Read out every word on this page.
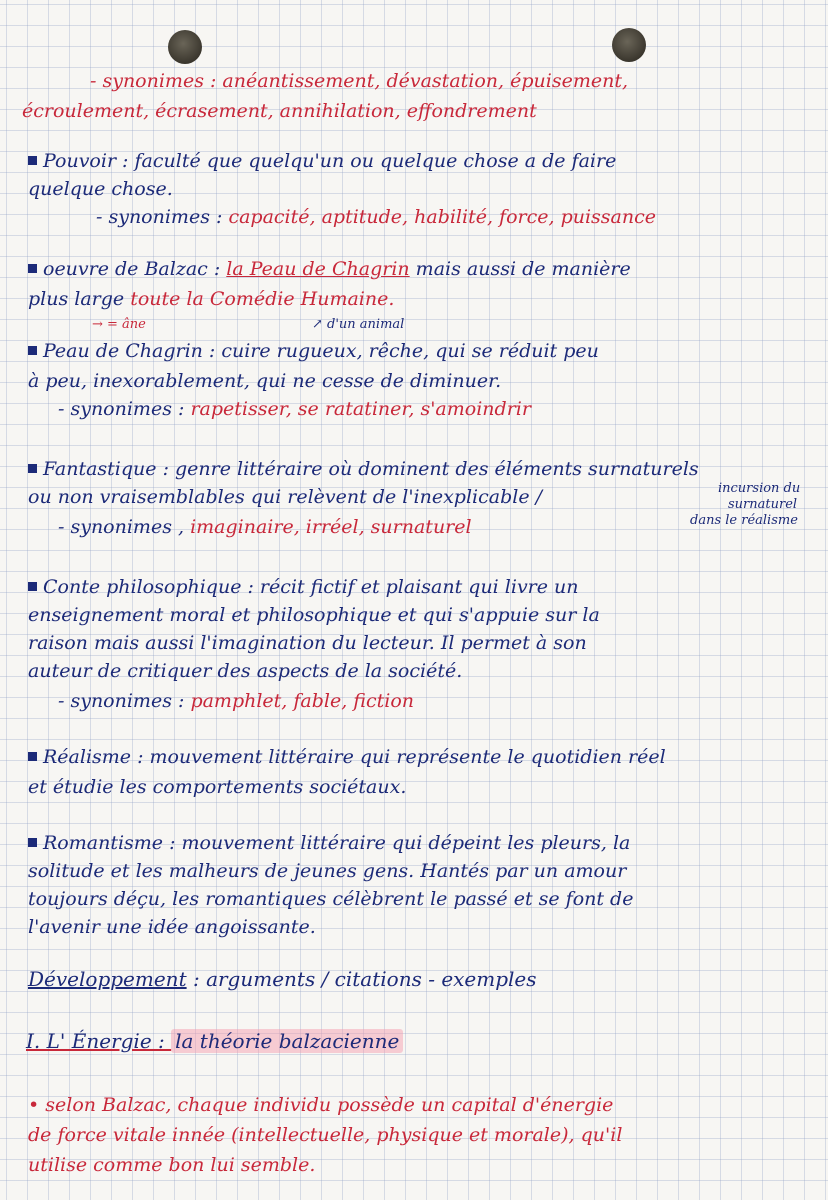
- synonimes : anéantissement, dévastation, épuisement,
écroulement, écrasement, annihilation, effondrement
Pouvoir : faculté que quelqu'un ou quelque chose a de faire
quelque chose.
- synonimes : capacité, aptitude, habilité, force, puissance
oeuvre de Balzac : la Peau de Chagrin mais aussi de manière
plus large toute la Comédie Humaine.
→ = âne	↗ d'un animal
Peau de Chagrin : cuire rugueux, rêche, qui se réduit peu
à peu, inexorablement, qui ne cesse de diminuer.
- synonimes : rapetisser, se ratatiner, s'amoindrir
Fantastique : genre littéraire où dominent des éléments surnaturels
ou non vraisemblables qui relèvent de l'inexplicable /	incursion du
surnaturel
dans le réalisme
- synonimes , imaginaire, irréel, surnaturel
Conte philosophique : récit fictif et plaisant qui livre un
enseignement moral et philosophique et qui s'appuie sur la
raison mais aussi l'imagination du lecteur. Il permet à son
auteur de critiquer des aspects de la société.
- synonimes : pamphlet, fable, fiction
Réalisme : mouvement littéraire qui représente le quotidien réel
et étudie les comportements sociétaux.
Romantisme : mouvement littéraire qui dépeint les pleurs, la
solitude et les malheurs de jeunes gens. Hantés par un amour
toujours déçu, les romantiques célèbrent le passé et se font de
l'avenir une idée angoissante.
Développement : arguments / citations - exemples
I. L' Énergie : la théorie balzacienne
• selon Balzac, chaque individu possède un capital d'énergie
de force vitale innée (intellectuelle, physique et morale), qu'il
utilise comme bon lui semble.
